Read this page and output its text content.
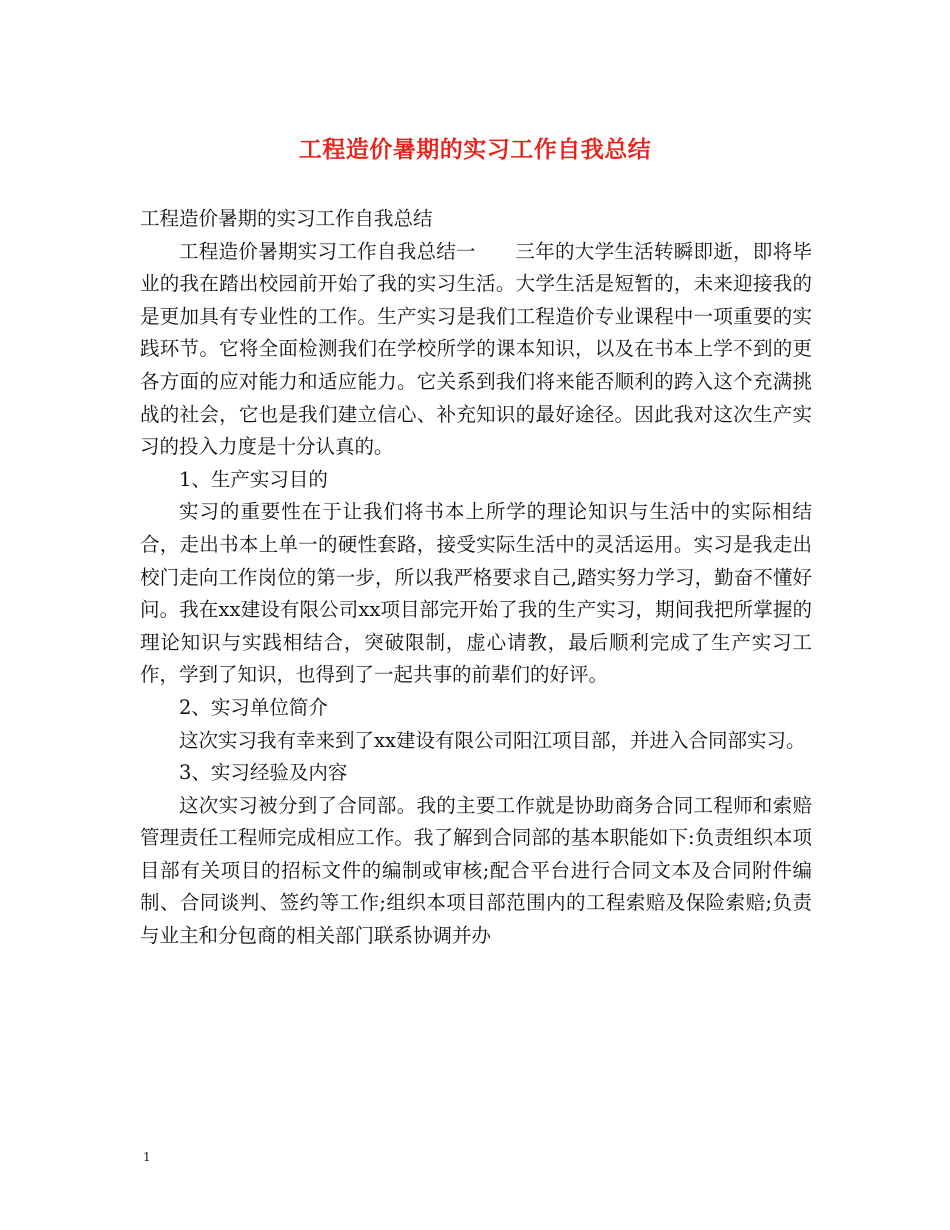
工程造价暑期的实习工作自我总结

工程造价暑期的实习工作自我总结

工程造价暑期实习工作自我总结一　　三年的大学生活转瞬即逝，即将毕业的我在踏出校园前开始了我的实习生活。大学生活是短暂的，未来迎接我的是更加具有专业性的工作。生产实习是我们工程造价专业课程中一项重要的实践环节。它将全面检测我们在学校所学的课本知识，以及在书本上学不到的更各方面的应对能力和适应能力。它关系到我们将来能否顺利的跨入这个充满挑战的社会，它也是我们建立信心、补充知识的最好途径。因此我对这次生产实习的投入力度是十分认真的。

1、生产实习目的

实习的重要性在于让我们将书本上所学的理论知识与生活中的实际相结合，走出书本上单一的硬性套路，接受实际生活中的灵活运用。实习是我走出校门走向工作岗位的第一步，所以我严格要求自己,踏实努力学习，勤奋不懂好问。我在xx建设有限公司xx项目部完开始了我的生产实习，期间我把所掌握的理论知识与实践相结合，突破限制，虚心请教，最后顺利完成了生产实习工作，学到了知识，也得到了一起共事的前辈们的好评。

2、实习单位简介

这次实习我有幸来到了xx建设有限公司阳江项目部，并进入合同部实习。

3、实习经验及内容

这次实习被分到了合同部。我的主要工作就是协助商务合同工程师和索赔管理责任工程师完成相应工作。我了解到合同部的基本职能如下:负责组织本项目部有关项目的招标文件的编制或审核;配合平台进行合同文本及合同附件编制、合同谈判、签约等工作;组织本项目部范围内的工程索赔及保险索赔;负责与业主和分包商的相关部门联系协调并办

1
